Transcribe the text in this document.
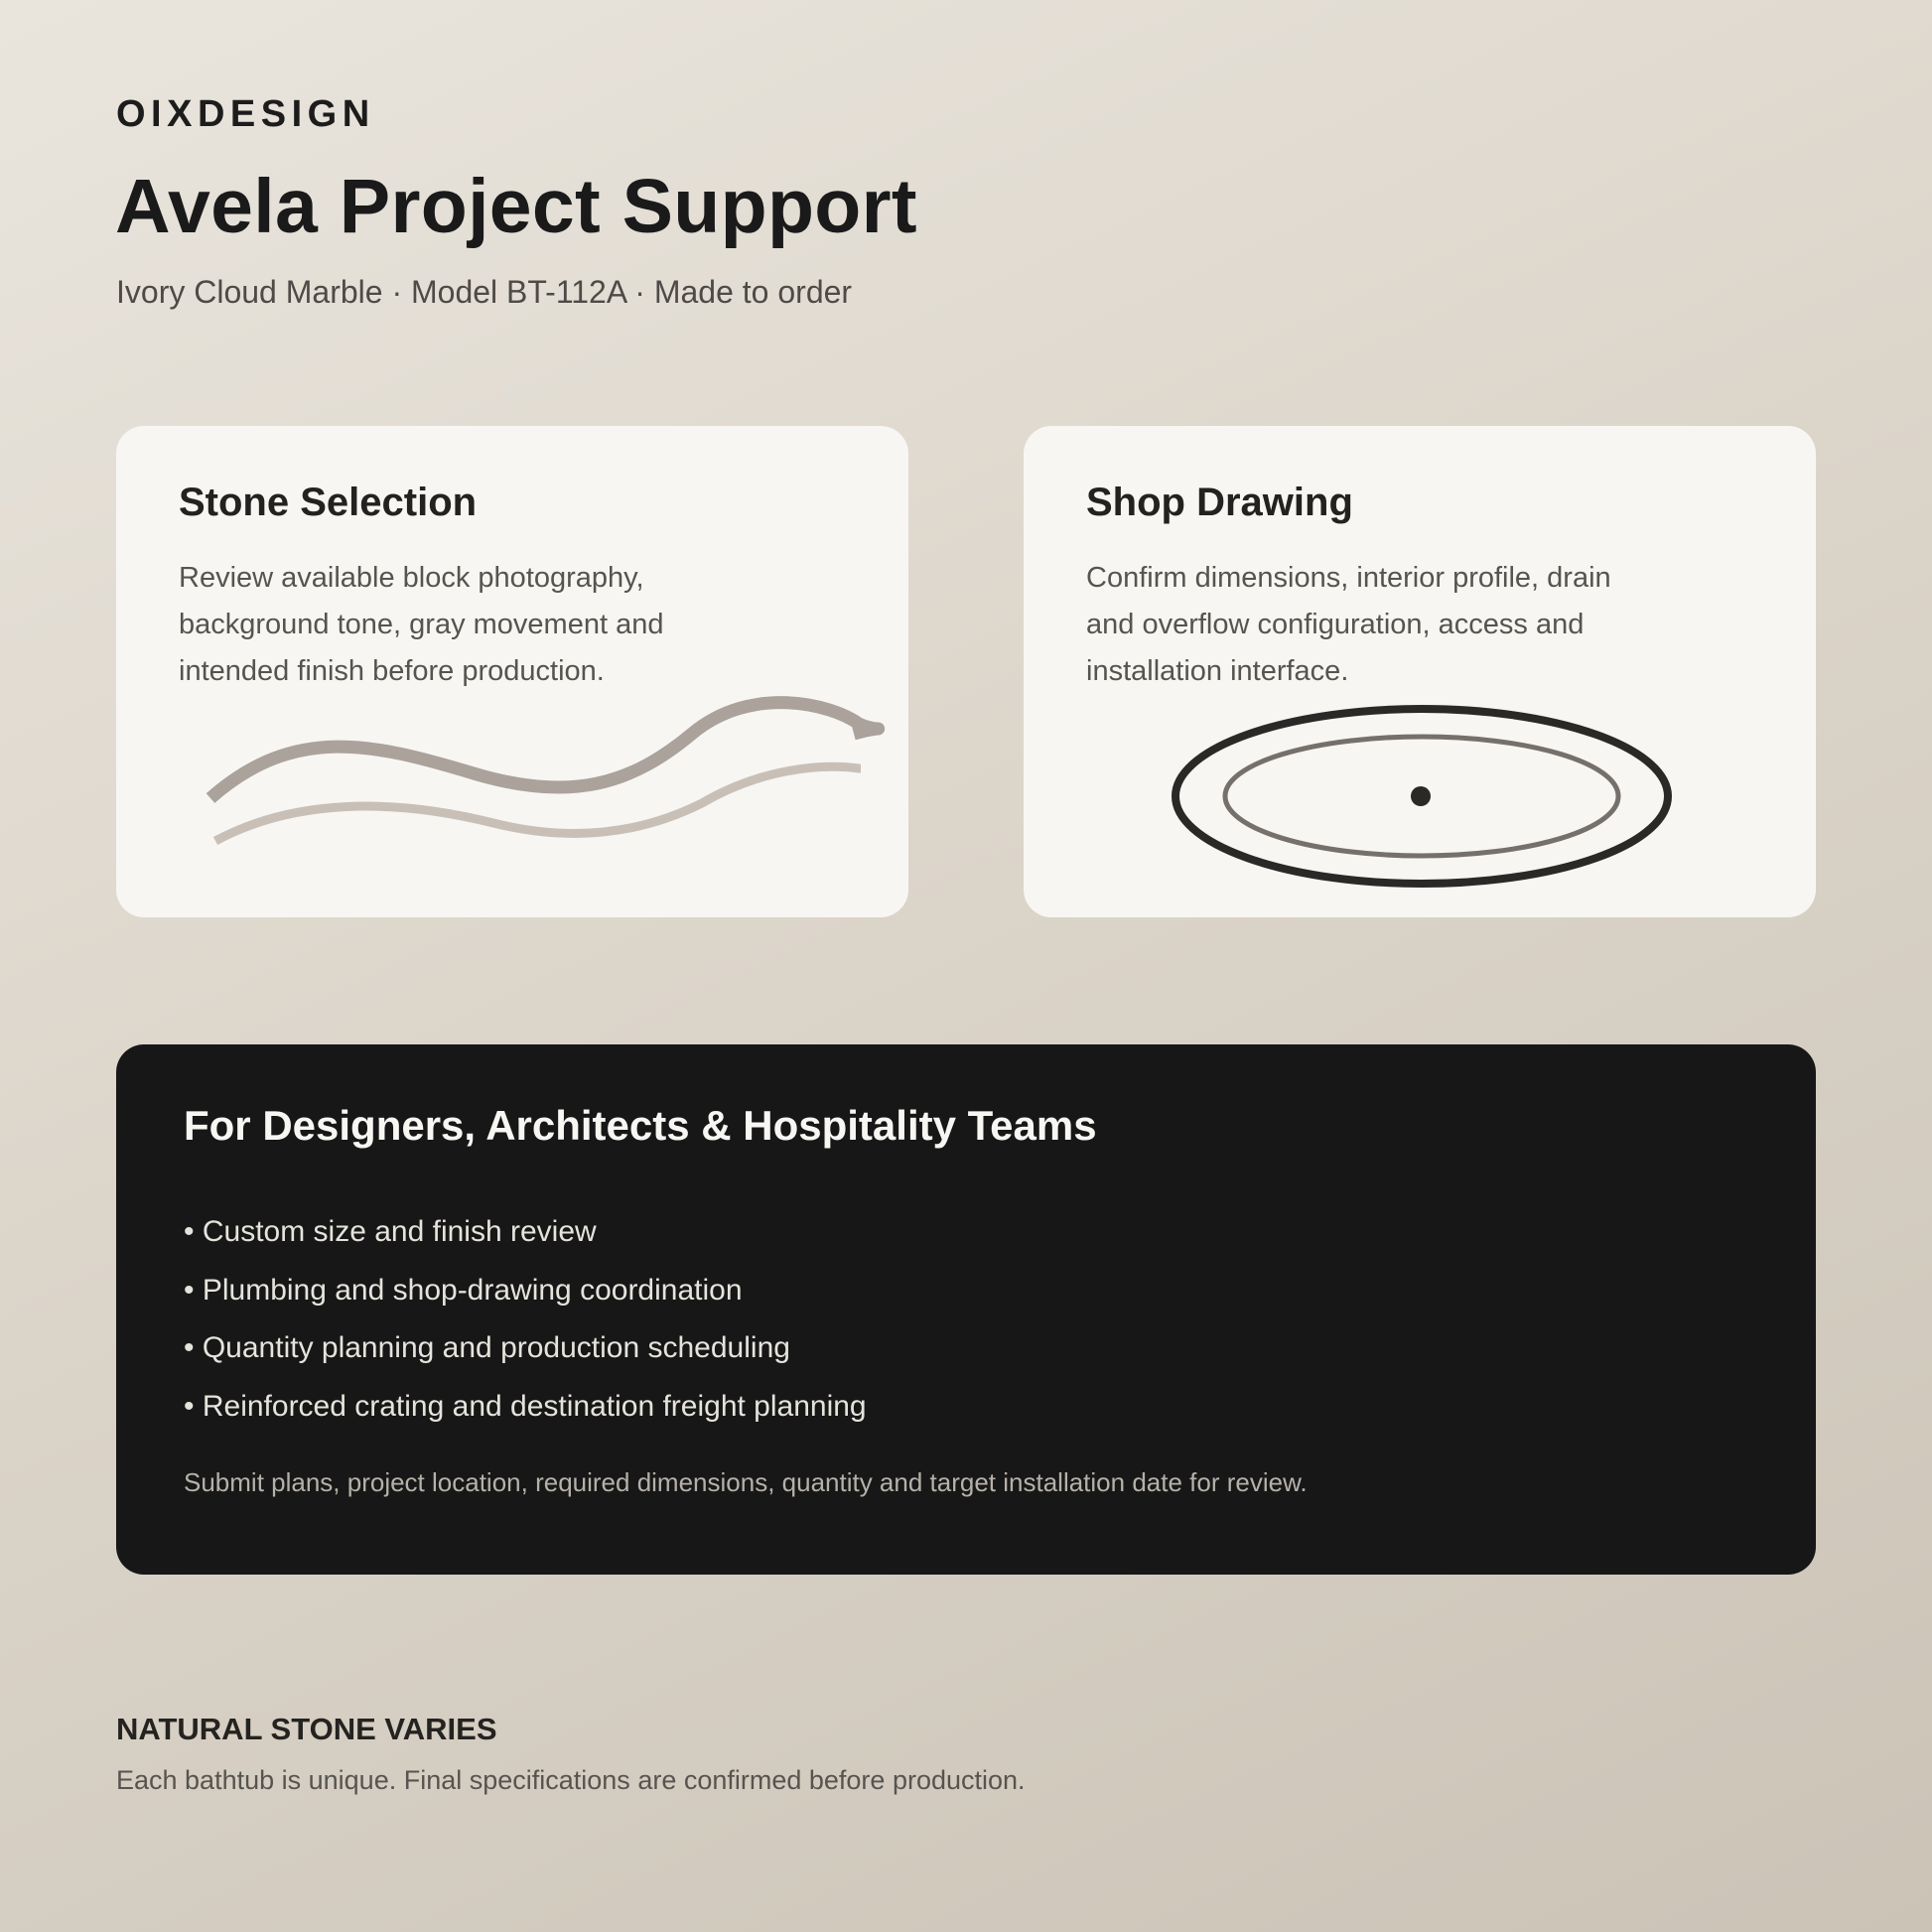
OIXDESIGN
Avela Project Support
Ivory Cloud Marble · Model BT-112A · Made to order
Stone Selection

Review available block photography, background tone, gray movement and intended finish before production.

Shop Drawing

Confirm dimensions, interior profile, drain and overflow configuration, access and installation interface.

For Designers, Architects & Hospitality Teams
• Custom size and finish review
• Plumbing and shop-drawing coordination
• Quantity planning and production scheduling
• Reinforced crating and destination freight planning

Submit plans, project location, required dimensions, quantity and target installation date for review.

NATURAL STONE VARIES
Each bathtub is unique. Final specifications are confirmed before production.
